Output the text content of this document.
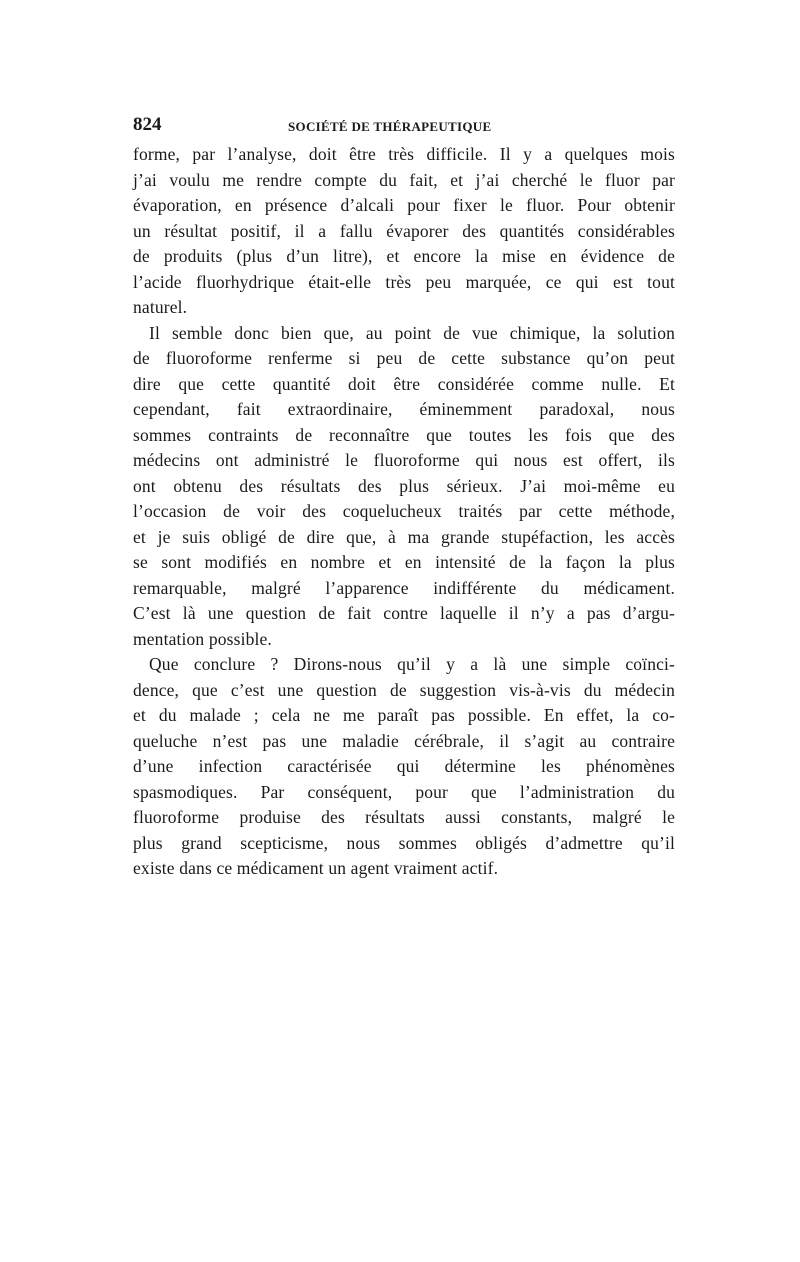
824	SOCIÉTÉ DE THÉRAPEUTIQUE
forme, par l’analyse, doit être très difficile. Il y a quelques mois
j’ai voulu me rendre compte du fait, et j’ai cherché le fluor par
évaporation, en présence d’alcali pour fixer le fluor. Pour obtenir
un résultat positif, il a fallu évaporer des quantités considérables
de produits (plus d’un litre), et encore la mise en évidence de
l’acide fluorhydrique était-elle très peu marquée, ce qui est tout
naturel.
Il semble donc bien que, au point de vue chimique, la solution
de fluoroforme renferme si peu de cette substance qu’on peut
dire que cette quantité doit être considérée comme nulle. Et
cependant, fait extraordinaire, éminemment paradoxal, nous
sommes contraints de reconnaître que toutes les fois que des
médecins ont administré le fluoroforme qui nous est offert, ils
ont obtenu des résultats des plus sérieux. J’ai moi-même eu
l’occasion de voir des coquelucheux traités par cette méthode,
et je suis obligé de dire que, à ma grande stupéfaction, les accès
se sont modifiés en nombre et en intensité de la façon la plus
remarquable, malgré l’apparence indifférente du médicament.
C’est là une question de fait contre laquelle il n’y a pas d’argu-
mentation possible.
Que conclure ? Dirons-nous qu’il y a là une simple coïnci-
dence, que c’est une question de suggestion vis-à-vis du médecin
et du malade ; cela ne me paraît pas possible. En effet, la co-
queluche n’est pas une maladie cérébrale, il s’agit au contraire
d’une infection caractérisée qui détermine les phénomènes
spasmodiques. Par conséquent, pour que l’administration du
fluoroforme produise des résultats aussi constants, malgré le
plus grand scepticisme, nous sommes obligés d’admettre qu’il
existe dans ce médicament un agent vraiment actif.
